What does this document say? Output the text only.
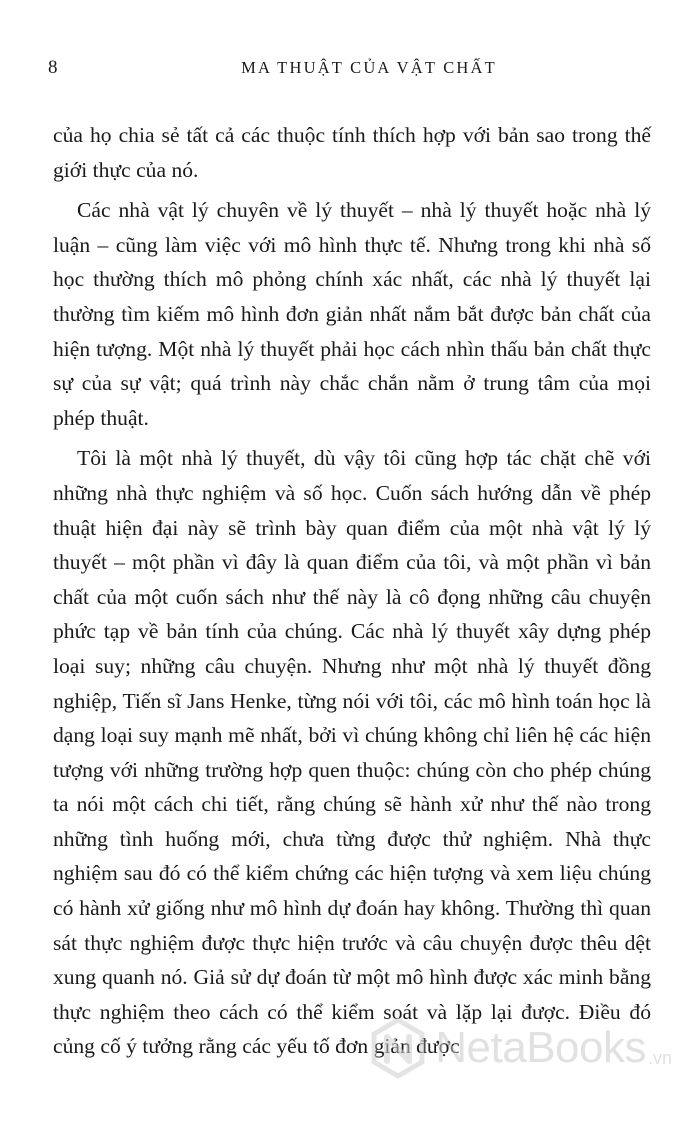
8	MA THUẬT CỦA VẬT CHẤT

của họ chia sẻ tất cả các thuộc tính thích hợp với bản sao trong thế giới thực của nó.

Các nhà vật lý chuyên về lý thuyết – nhà lý thuyết hoặc nhà lý luận – cũng làm việc với mô hình thực tế. Nhưng trong khi nhà số học thường thích mô phỏng chính xác nhất, các nhà lý thuyết lại thường tìm kiếm mô hình đơn giản nhất nắm bắt được bản chất của hiện tượng. Một nhà lý thuyết phải học cách nhìn thấu bản chất thực sự của sự vật; quá trình này chắc chắn nằm ở trung tâm của mọi phép thuật.

Tôi là một nhà lý thuyết, dù vậy tôi cũng hợp tác chặt chẽ với những nhà thực nghiệm và số học. Cuốn sách hướng dẫn về phép thuật hiện đại này sẽ trình bày quan điểm của một nhà vật lý lý thuyết – một phần vì đây là quan điểm của tôi, và một phần vì bản chất của một cuốn sách như thế này là cô đọng những câu chuyện phức tạp về bản tính của chúng. Các nhà lý thuyết xây dựng phép loại suy; những câu chuyện. Nhưng như một nhà lý thuyết đồng nghiệp, Tiến sĩ Jans Henke, từng nói với tôi, các mô hình toán học là dạng loại suy mạnh mẽ nhất, bởi vì chúng không chỉ liên hệ các hiện tượng với những trường hợp quen thuộc: chúng còn cho phép chúng ta nói một cách chi tiết, rằng chúng sẽ hành xử như thế nào trong những tình huống mới, chưa từng được thử nghiệm. Nhà thực nghiệm sau đó có thể kiểm chứng các hiện tượng và xem liệu chúng có hành xử giống như mô hình dự đoán hay không. Thường thì quan sát thực nghiệm được thực hiện trước và câu chuyện được thêu dệt xung quanh nó. Giả sử dự đoán từ một mô hình được xác minh bằng thực nghiệm theo cách có thể kiểm soát và lặp lại được. Điều đó củng cố ý tưởng rằng các yếu tố đơn giản được

NetaBooks .vn
